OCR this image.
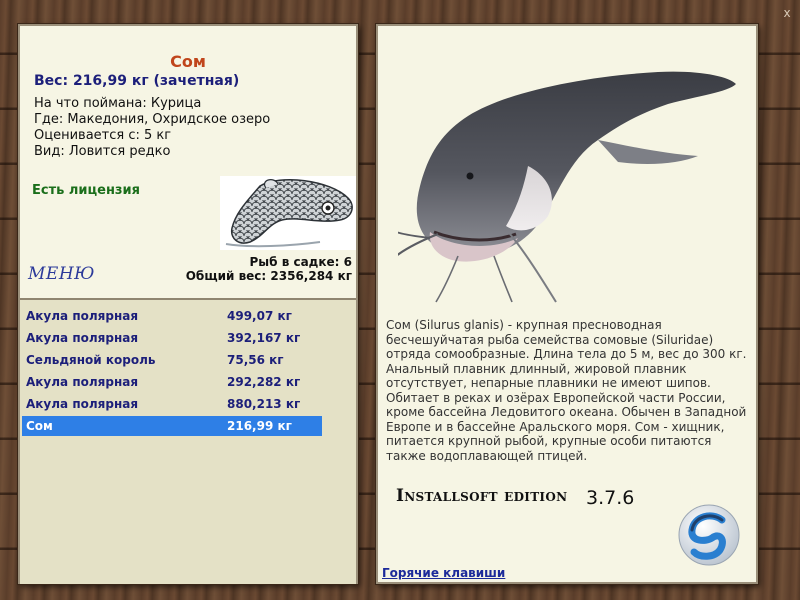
x
Сом
Вес: 216,99 кг (зачетная)
На что поймана: Курица
Где: Македония, Охридское озеро
Оценивается с: 5 кг
Вид: Ловится редко
Есть лицензия
МЕНЮ
Рыб в садке: 6
Общий вес: 2356,284 кг
Акула полярная	499,07 кг
Акула полярная	392,167 кг
Сельдяной король	75,56 кг
Акула полярная	292,282 кг
Акула полярная	880,213 кг
Сом	216,99 кг
Сом (Silurus glanis) - крупная пресноводная бесчешуйчатая рыба семейства сомовые (Siluridae) отряда сомообразные. Длина тела до 5 м, вес до 300 кг. Анальный плавник длинный, жировой плавник отсутствует, непарные плавники не имеют шипов. Обитает в реках и озёрах Европейской части России, кроме бассейна Ледовитого океана. Обычен в Западной Европе и в бассейне Аральского моря. Сом - хищник, питается крупной рыбой, крупные особи питаются также водоплавающей птицей.
Installsoft edition 3.7.6
Горячие клавиши
